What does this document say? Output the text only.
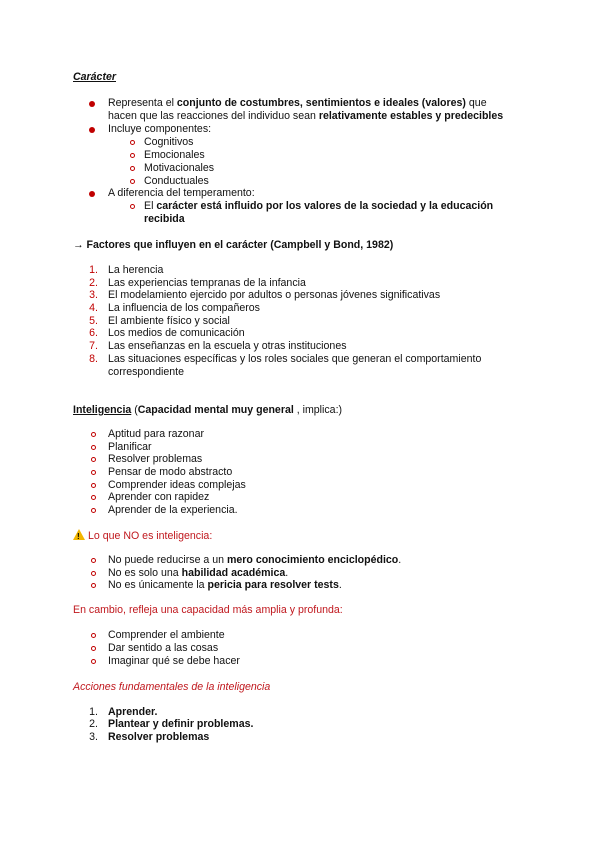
Carácter
Representa el conjunto de costumbres, sentimientos e ideales (valores) que
hacen que las reacciones del individuo sean relativamente estables y predecibles
Incluye componentes:
Cognitivos
Emocionales
Motivacionales
Conductuales
A diferencia del temperamento:
El carácter está influido por los valores de la sociedad y la educación
recibida
→ Factores que influyen en el carácter (Campbell y Bond, 1982)
1. La herencia
2. Las experiencias tempranas de la infancia
3. El modelamiento ejercido por adultos o personas jóvenes significativas
4. La influencia de los compañeros
5. El ambiente físico y social
6. Los medios de comunicación
7. Las enseñanzas en la escuela y otras instituciones
8. Las situaciones específicas y los roles sociales que generan el comportamiento
correspondiente
Inteligencia (Capacidad mental muy general , implica:)
Aptitud para razonar
Planificar
Resolver problemas
Pensar de modo abstracto
Comprender ideas complejas
Aprender con rapidez
Aprender de la experiencia.
!Lo que NO es inteligencia:
No puede reducirse a un mero conocimiento enciclopédico.
No es solo una habilidad académica.
No es únicamente la pericia para resolver tests.
En cambio, refleja una capacidad más amplia y profunda:
Comprender el ambiente
Dar sentido a las cosas
Imaginar qué se debe hacer
Acciones fundamentales de la inteligencia
1. Aprender.
2. Plantear y definir problemas.
3. Resolver problemas
